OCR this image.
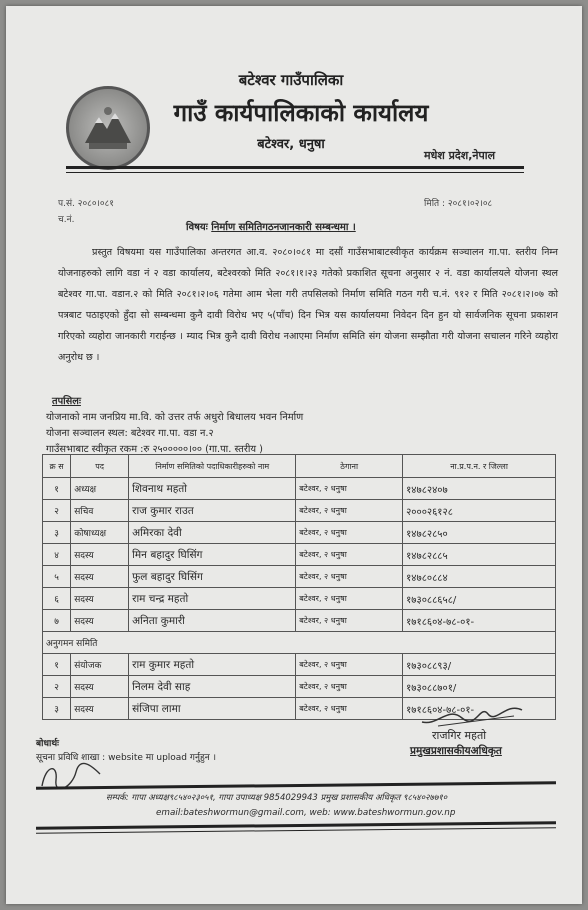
बटेश्वर गाउँपालिका
गाउँ कार्यपालिकाको कार्यालय
बटेश्वर, धनुषा
मधेश प्रदेश,नेपाल
प.सं. २०८०।०८१
च.नं.
मिति : २०८१।०२।०८
विषयः निर्माण समितिगठनजानकारी सम्बन्धमा ।
प्रस्तुत विषयमा यस गाउँपालिका अन्तरगत आ.व. २०८०।०८१ मा दसौं गाउँसभाबाटस्वीकृत कार्यक्रम सञ्चालन गा.पा. स्तरीय निम्न योजनाहरुको लागि वडा नं २ वडा कार्यालय, बटेश्वरको मिति २०८१।१।२३ गतेको प्रकाशित सूचना अनुसार २ नं. वडा कार्यालयले योजना स्थल बटेश्वर गा.पा. वडान.२ को मिति २०८१।२।०६ गतेमा आम भेला गरी तपसिलको निर्माण समिति गठन गरी च.नं. ९१२ र मिति २०८१।२।०७ को पत्रबाट पठाइएको हुँदा सो सम्बन्धमा कुनै दावी विरोध भए ५(पाँच) दिन भित्र यस कार्यालयमा निवेदन दिन हुन यो सार्वजनिक सूचना प्रकाशन गरिएको व्यहोरा जानकारी गराईन्छ । म्याद भित्र कुनै दावी विरोध नआएमा निर्माण समिति संग योजना सम्झौता गरी योजना सचालन गरिने व्यहोरा अनुरोध छ ।
तपसिलः
योजनाको नाम जनप्रिय मा.वि. को उत्तर तर्फ अधुरो बिधालय भवन निर्माण
योजना सञ्चालन स्थल: बटेश्वर गा.पा. वडा न.२
गाउँसभाबाट स्वीकृत रकम :रु २५०००००।०० (गा.पा. स्तरीय )
क्र स	पद	निर्माण समितिको पदाधिकारीहरुको नाम	ठेगाना	ना.प्र.प.न. र जिल्ला
१	अध्यक्ष	शिवनाथ महतो	बटेश्वर, २ धनुषा	१४७८२४०७
२	सचिव	राज कुमार राउत	बटेश्वर, २ धनुषा	२०००२६१२८
३	कोषाध्यक्ष	अमिरका देवी	बटेश्वर, २ धनुषा	१४७८२८५०
४	सदस्य	मिन बहादुर घिसिंग	बटेश्वर, २ धनुषा	१४७८२८८५
५	सदस्य	फुल बहादुर घिसिंग	बटेश्वर, २ धनुषा	१४७८०८८४
६	सदस्य	राम चन्द्र महतो	बटेश्वर, २ धनुषा	१७३०८८६५८/
७	सदस्य	अनिता कुमारी	बटेश्वर, २ धनुषा	१७१८६०४-७८-०१-
अनुगमन समिति				
१	संयोजक	राम कुमार महतो	बटेश्वर, २ धनुषा	१७३०८८९३/
२	सदस्य	निलम देवी साह	बटेश्वर, २ धनुषा	१७३०८८७०१/
३	सदस्य	संजिपा लामा	बटेश्वर, २ धनुषा	१७१८६०४-७८-०१-
राजगिर महतो
प्रमुखप्रशासकीयअधिकृत
बोधार्थः
सूचना प्रविधि शाखा : website मा upload गर्नुहुन ।
सम्पर्क: गापा अध्यक्ष९८५४०२३०५१, गापा उपाध्यक्ष 9854029943 प्रमुख प्रशासकीय अधिकृत ९८५४०२७७१०
email:bateshwormun@gmail.com, web: www.bateshwormun.gov.np
